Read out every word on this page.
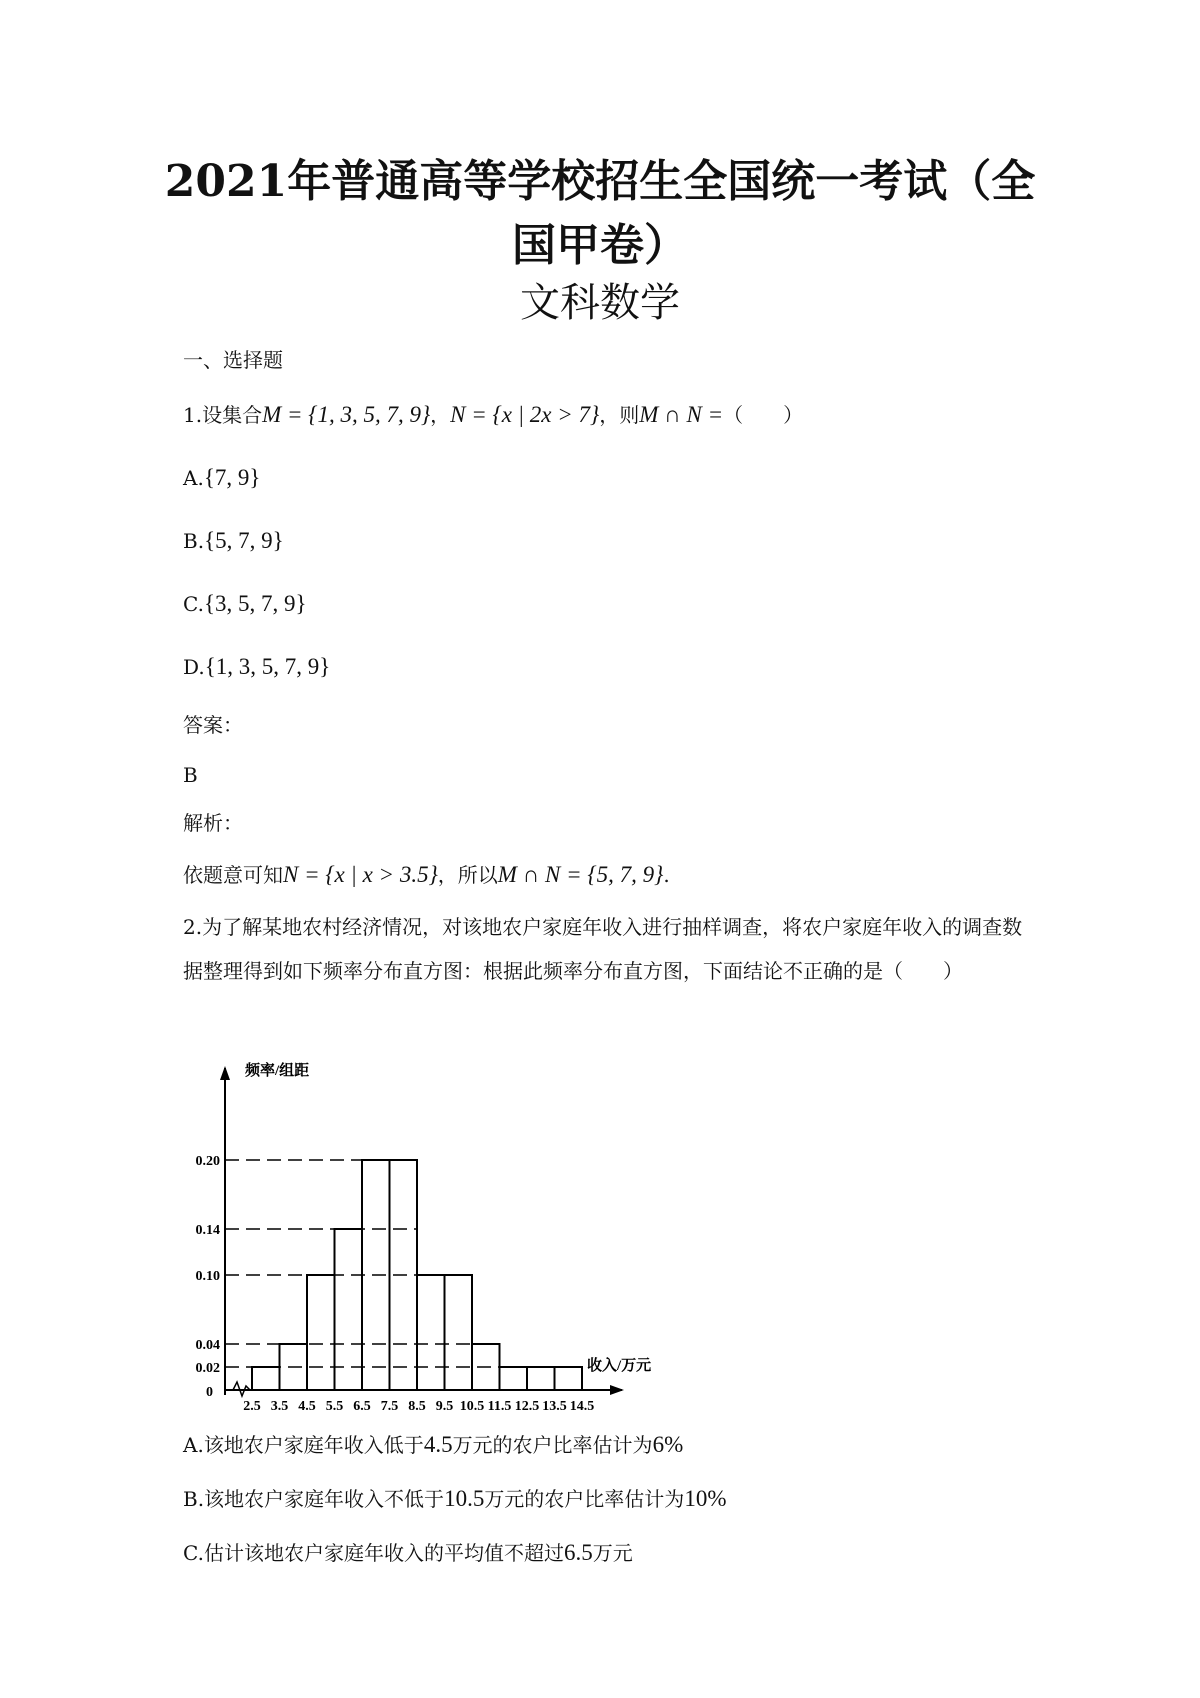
2021年普通高等学校招生全国统一考试（全国甲卷）
文科数学
一、选择题
1.设集合M = {1, 3, 5, 7, 9}，N = {x | 2x > 7}，则M ∩ N =（　　）
A.{7, 9}
B.{5, 7, 9}
C.{3, 5, 7, 9}
D.{1, 3, 5, 7, 9}
答案：
B
解析：
依题意可知N = {x | x > 3.5}，所以M ∩ N = {5, 7, 9}.
2.为了解某地农村经济情况，对该地农户家庭年收入进行抽样调查，将农户家庭年收入的调查数据整理得到如下频率分布直方图：根据此频率分布直方图，下面结论不正确的是（　　）
频率/组距
收入/万元
0
0.02
0.04
0.10
0.14
0.20
2.5 3.5 4.5 5.5 6.5 7.5 8.5 9.5 10.5 11.5 12.5 13.5 14.5
A.该地农户家庭年收入低于4.5万元的农户比率估计为6%
B.该地农户家庭年收入不低于10.5万元的农户比率估计为10%
C.估计该地农户家庭年收入的平均值不超过6.5万元
